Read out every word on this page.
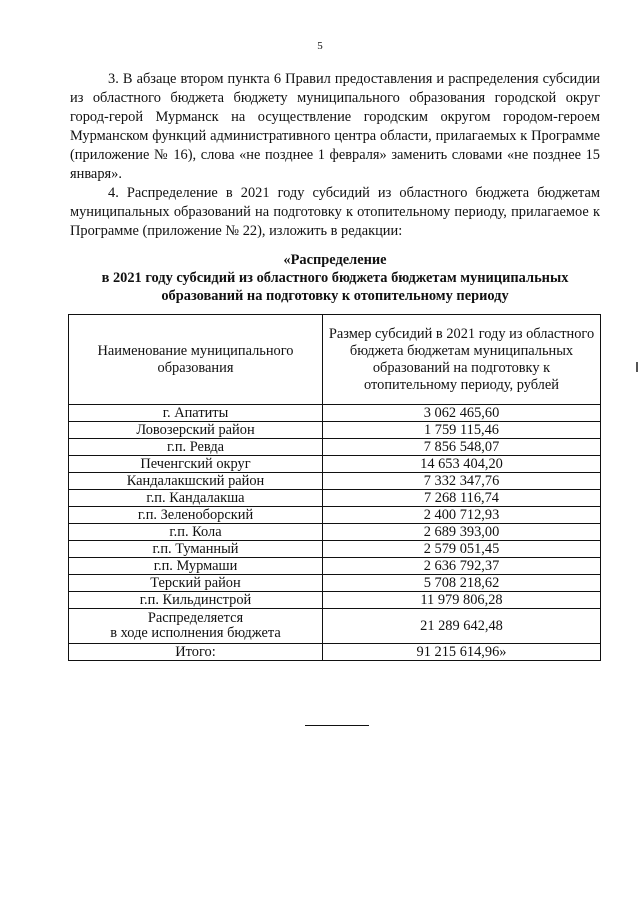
5

3. В абзаце втором пункта 6 Правил предоставления и распределения субсидии из областного бюджета бюджету муниципального образования городской округ город-герой Мурманск на осуществление городским округом городом-героем Мурманском функций административного центра области, прилагаемых к Программе (приложение № 16), слова «не позднее 1 февраля» заменить словами «не позднее 15 января».

4. Распределение в 2021 году субсидий из областного бюджета бюджетам муниципальных образований на подготовку к отопительному периоду, прилагаемое к Программе (приложение № 22), изложить в редакции:

«Распределение
в 2021 году субсидий из областного бюджета бюджетам муниципальных
образований на подготовку к отопительному периоду
Наименование муниципального образования	Размер субсидий в 2021 году из областного бюджета бюджетам муниципальных образований на подготовку к отопительному периоду, рублей
г. Апатиты	3 062 465,60
Ловозерский район	1 759 115,46
г.п. Ревда	7 856 548,07
Печенгский округ	14 653 404,20
Кандалакшский район	7 332 347,76
г.п. Кандалакша	7 268 116,74
г.п. Зеленоборский	2 400 712,93
г.п. Кола	2 689 393,00
г.п. Туманный	2 579 051,45
г.п. Мурмаши	2 636 792,37
Терский район	5 708 218,62
г.п. Кильдинстрой	11 979 806,28

Распределяется
в ходе исполнения бюджета	21 289 642,48
Итого:	91 215 614,96»
